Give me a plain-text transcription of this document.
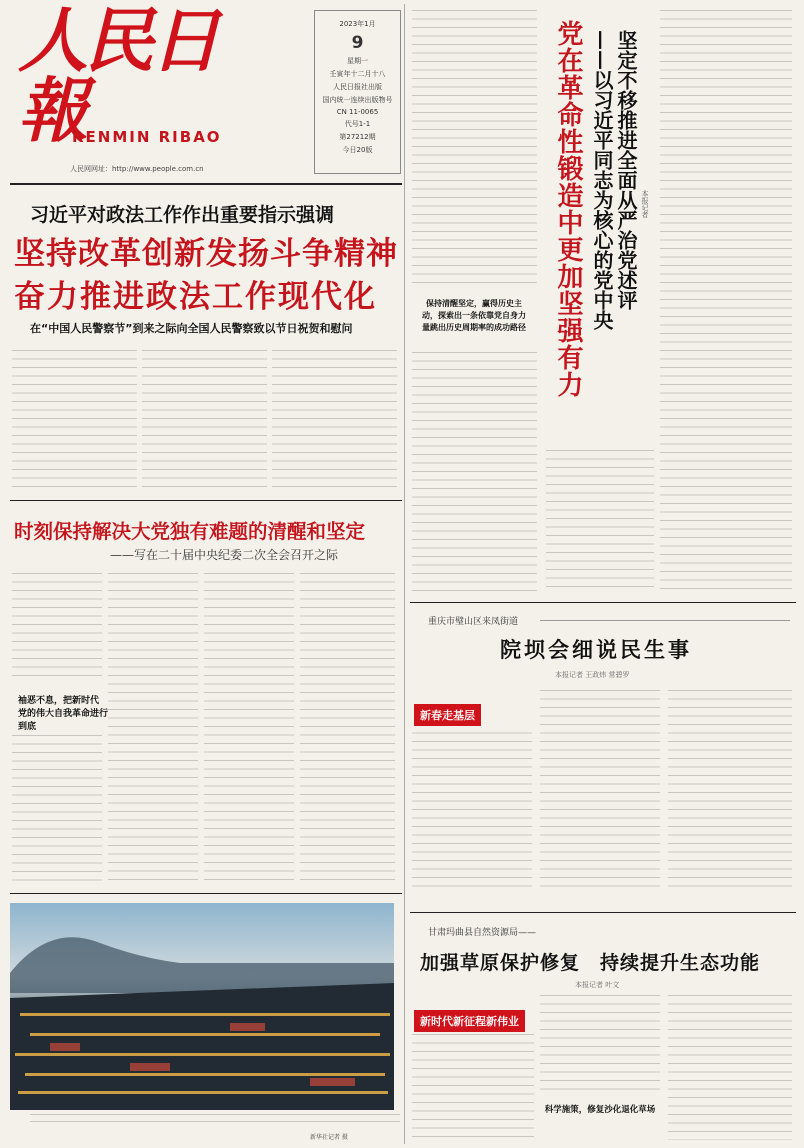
人民日報
RENMIN RIBAO
人民网网址：http://www.people.com.cn
2023年1月
9
星期一
壬寅年十二月十八
人民日报社出版
国内统一连续出版物号
CN 11-0065
代号1-1
第27212期
今日20版
习近平对政法工作作出重要指示强调
坚持改革创新发扬斗争精神
奋力推进政法工作现代化
在“中国人民警察节”到来之际向全国人民警察致以节日祝贺和慰问
时刻保持解决大党独有难题的清醒和坚定
——写在二十届中央纪委二次全会召开之际
袖恶不息，把新时代
党的伟大自我革命进行
到底
新华社记者 摄
保持清醒坚定，赢得历史主动，探索出一条依靠党自身力量跳出历史周期率的成功路径 党在革命性锻造中更加坚强有力 坚定不移推进全面从严治党述评
——以习近平同志为核心的党中央	本报记者
重庆市璧山区来凤街道
院坝会细说民生事
本报记者 王政炜 常碧罗
新春走基层
甘肃玛曲县自然资源局——
加强草原保护修复　持续提升生态功能
本报记者 叶文
新时代新征程新伟业
科学施策，修复沙化退化草场
